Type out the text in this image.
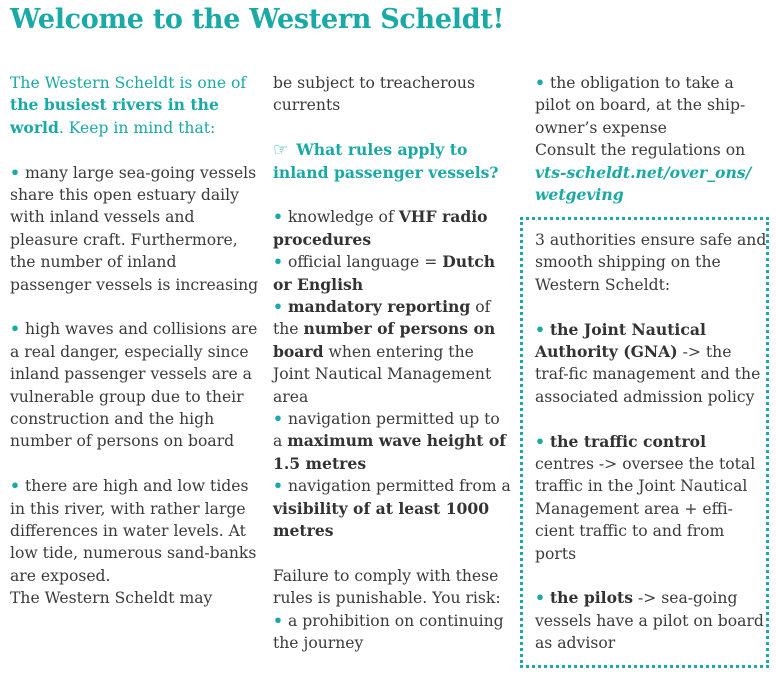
Welcome to the Western Scheldt!

The Western Scheldt is one of the busiest rivers in the world. Keep in mind that:

• many large sea-going vessels share this open estuary daily with inland vessels and pleasure craft. Furthermore, the number of inland passenger vessels is increasing

• high waves and collisions are a real danger, especially since inland passenger vessels are a vulnerable group due to their construction and the high number of persons on board

• there are high and low tides in this river, with rather large differences in water levels. At low tide, numerous sand-banks are exposed.

The Western Scheldt may

be subject to treacherous currents

☞ What rules apply to inland passenger vessels?

• knowledge of VHF radio procedures

• official language = Dutch or English

• mandatory reporting of the number of persons on board when entering the Joint Nautical Management area

• navigation permitted up to a maximum wave height of 1.5 metres

• navigation permitted from a visibility of at least 1000 metres

Failure to comply with these rules is punishable. You risk:

• a prohibition on continuing the journey

• the obligation to take a pilot on board, at the ship-owner’s expense

Consult the regulations on

vts-scheldt.net/over_ons/ wetgeving

3 authorities ensure safe and smooth shipping on the Western Scheldt:

• the Joint Nautical Authority (GNA) -> the traf-fic management and the associated admission policy

• the traffic control centres -> oversee the total traffic in the Joint Nautical Management area + effi-cient traffic to and from ports

• the pilots -> sea-going vessels have a pilot on board as advisor
